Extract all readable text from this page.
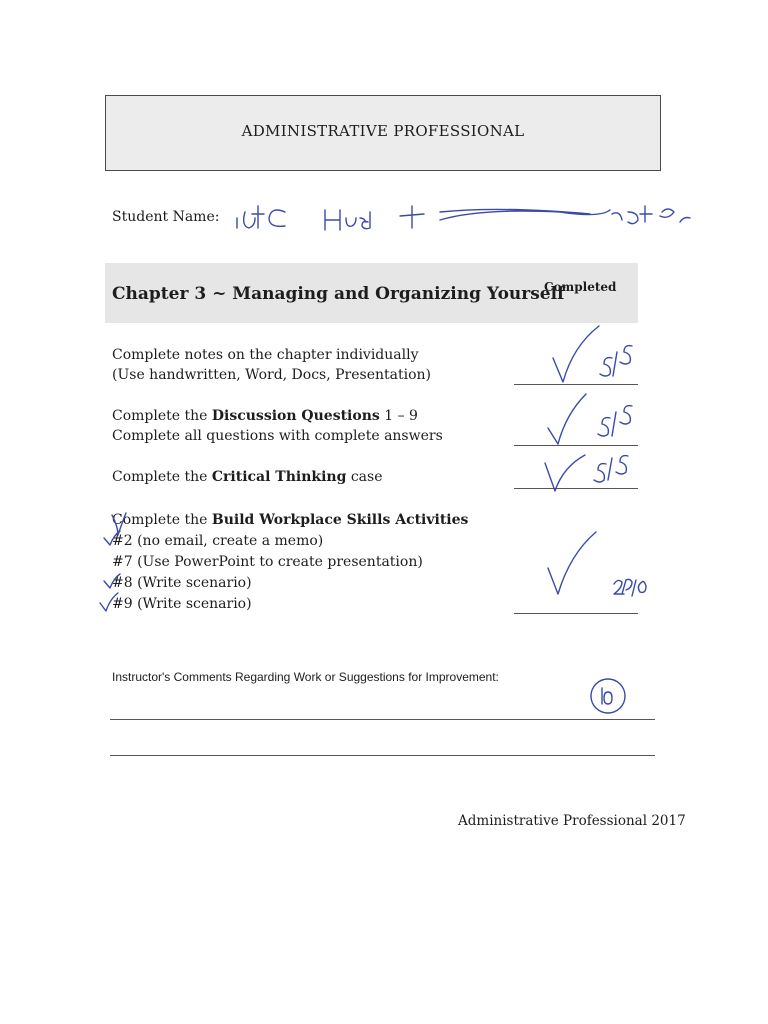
ADMINISTRATIVE PROFESSIONAL
Student Name:
Chapter 3 ~ Managing and Organizing Yourself
Completed
Complete notes on the chapter individually
(Use handwritten, Word, Docs, Presentation)
Complete the Discussion Questions 1 – 9
Complete all questions with complete answers
Complete the Critical Thinking case
Complete the Build Workplace Skills Activities
#2 (no email, create a memo)
#7 (Use PowerPoint to create presentation)
#8 (Write scenario)
#9 (Write scenario)
Instructor's Comments Regarding Work or Suggestions for Improvement:
Administrative Professional 2017
